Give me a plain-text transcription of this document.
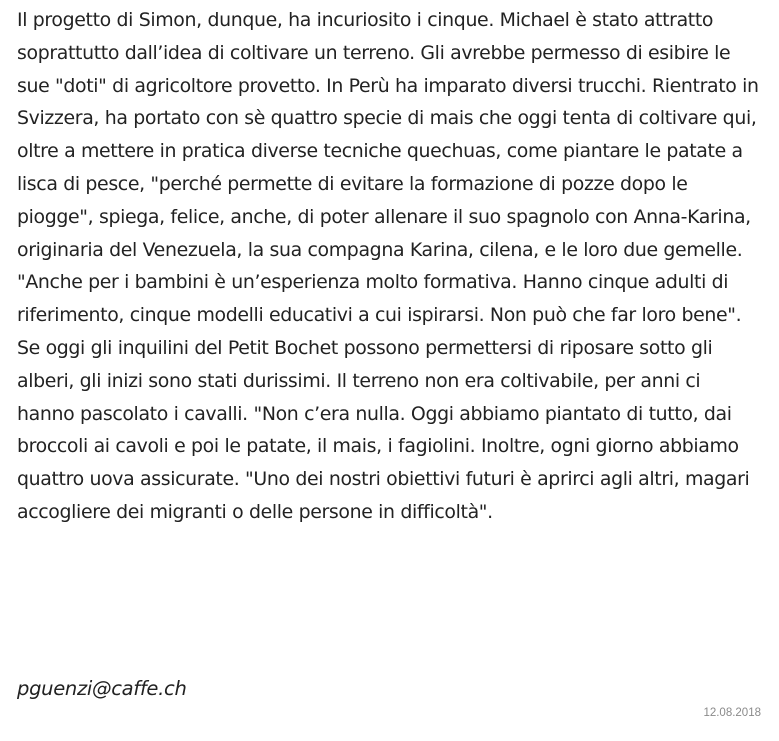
Il progetto di Simon, dunque, ha incuriosito i cinque. Michael è stato attratto soprattutto dall’idea di coltivare un terreno. Gli avrebbe permesso di esibire le sue "doti" di agricoltore provetto. In Perù ha imparato diversi trucchi. Rientrato in Svizzera, ha portato con sè quattro specie di mais che oggi tenta di coltivare qui, oltre a mettere in pratica diverse tecniche quechuas, come piantare le patate a lisca di pesce, "perché permette di evitare la formazione di pozze dopo le piogge", spiega, felice, anche, di poter allenare il suo spagnolo con Anna-Karina, originaria del Venezuela, la sua compagna Karina, cilena, e le loro due gemelle. "Anche per i bambini è un’esperienza molto formativa. Hanno cinque adulti di riferimento, cinque modelli educativi a cui ispirarsi. Non può che far loro bene".

Se oggi gli inquilini del Petit Bochet possono permettersi di riposare sotto gli alberi, gli inizi sono stati durissimi. Il terreno non era coltivabile, per anni ci hanno pascolato i cavalli. "Non c’era nulla. Oggi abbiamo piantato di tutto, dai broccoli ai cavoli e poi le patate, il mais, i fagiolini. Inoltre, ogni giorno abbiamo quattro uova assicurate. "Uno dei nostri obiettivi futuri è aprirci agli altri, magari accogliere dei migranti o delle persone in difficoltà".

pguenzi@caffe.ch
12.08.2018
